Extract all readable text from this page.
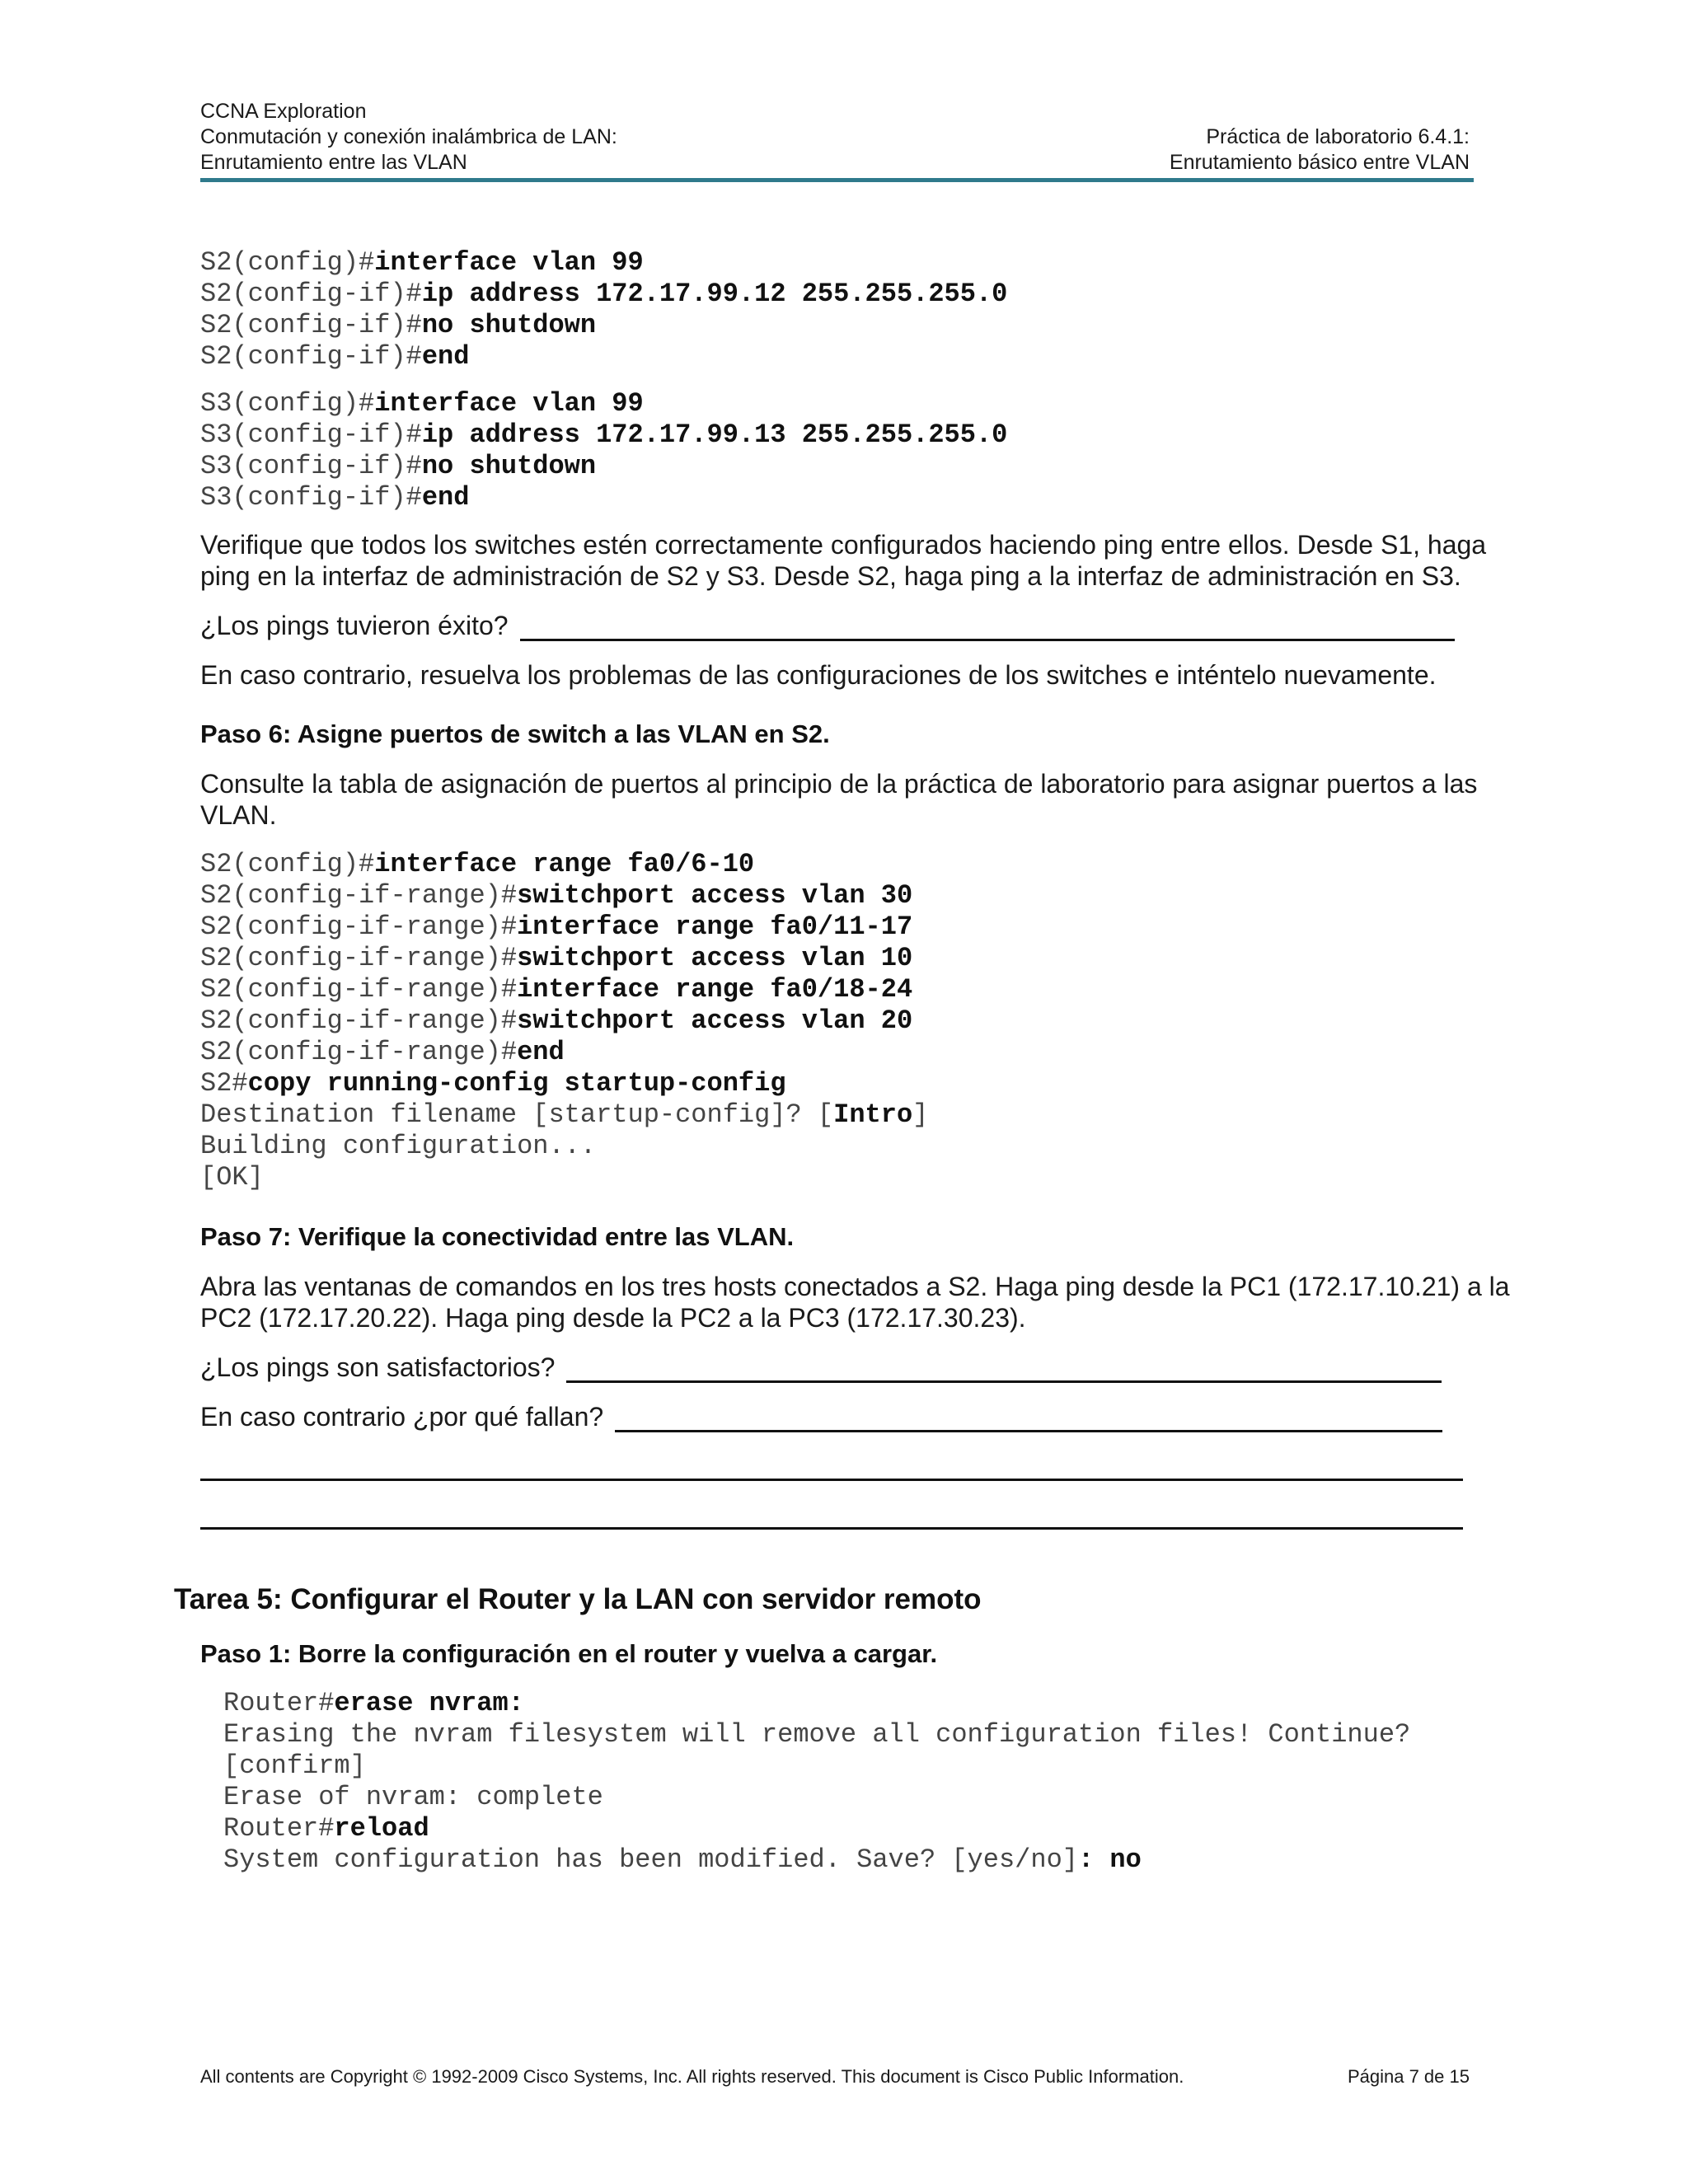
CCNA Exploration
Conmutación y conexión inalámbrica de LAN:
Enrutamiento entre las VLAN
Práctica de laboratorio 6.4.1:
Enrutamiento básico entre VLAN
S2(config)#interface vlan 99
S2(config-if)#ip address 172.17.99.12 255.255.255.0
S2(config-if)#no shutdown
S2(config-if)#end
S3(config)#interface vlan 99
S3(config-if)#ip address 172.17.99.13 255.255.255.0
S3(config-if)#no shutdown
S3(config-if)#end

Verifique que todos los switches estén correctamente configurados haciendo ping entre ellos. Desde S1, haga ping en la interfaz de administración de S2 y S3. Desde S2, haga ping a la interfaz de administración en S3.

¿Los pings tuvieron éxito?

En caso contrario, resuelva los problemas de las configuraciones de los switches e inténtelo nuevamente.

Paso 6: Asigne puertos de switch a las VLAN en S2.

Consulte la tabla de asignación de puertos al principio de la práctica de laboratorio para asignar puertos a las VLAN.

S2(config)#interface range fa0/6-10
S2(config-if-range)#switchport access vlan 30
S2(config-if-range)#interface range fa0/11-17
S2(config-if-range)#switchport access vlan 10
S2(config-if-range)#interface range fa0/18-24
S2(config-if-range)#switchport access vlan 20
S2(config-if-range)#end
S2#copy running-config startup-config
Destination filename [startup-config]? [Intro]
Building configuration...
[OK]
Paso 7: Verifique la conectividad entre las VLAN.

Abra las ventanas de comandos en los tres hosts conectados a S2. Haga ping desde la PC1 (172.17.10.21) a la PC2 (172.17.20.22). Haga ping desde la PC2 a la PC3 (172.17.30.23).

¿Los pings son satisfactorios?
En caso contrario ¿por qué fallan?
Tarea 5: Configurar el Router y la LAN con servidor remoto
Paso 1: Borre la configuración en el router y vuelva a cargar.
Router#erase nvram:
Erasing the nvram filesystem will remove all configuration files! Continue?
[confirm]
Erase of nvram: complete
Router#reload
System configuration has been modified. Save? [yes/no]: no
All contents are Copyright © 1992-2009 Cisco Systems, Inc. All rights reserved. This document is Cisco Public Information.	Página 7 de 15
